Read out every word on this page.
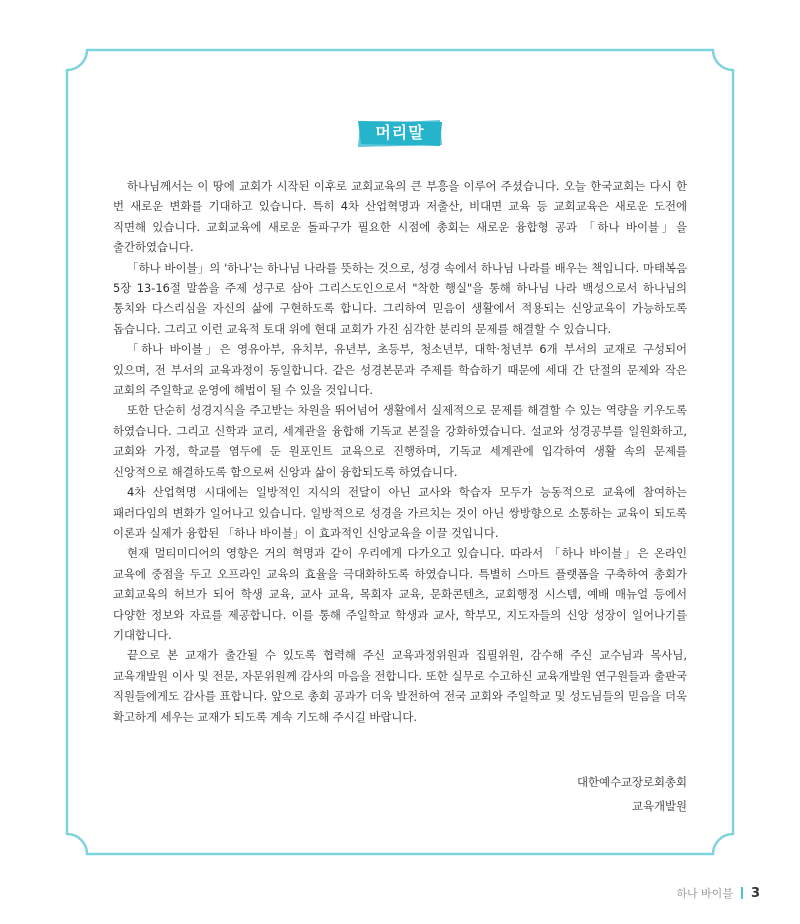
머리말

하나님께서는 이 땅에 교회가 시작된 이후로 교회교육의 큰 부흥을 이루어 주셨습니다. 오늘 한국교회는 다시 한 번 새로운 변화를 기대하고 있습니다. 특히 4차 산업혁명과 저출산, 비대면 교육 등 교회교육은 새로운 도전에 직면해 있습니다. 교회교육에 새로운 돌파구가 필요한 시점에 총회는 새로운 융합형 공과 「하나 바이블」을 출간하였습니다.

「하나 바이블」의 '하나'는 하나님 나라를 뜻하는 것으로, 성경 속에서 하나님 나라를 배우는 책입니다. 마태복음 5장 13-16절 말씀을 주제 성구로 삼아 그리스도인으로서 "착한 행실"을 통해 하나님 나라 백성으로서 하나님의 통치와 다스리심을 자신의 삶에 구현하도록 합니다. 그리하여 믿음이 생활에서 적용되는 신앙교육이 가능하도록 돕습니다. 그리고 이런 교육적 토대 위에 현대 교회가 가진 심각한 분리의 문제를 해결할 수 있습니다.

「하나 바이블」은 영유아부, 유치부, 유년부, 초등부, 청소년부, 대학·청년부 6개 부서의 교재로 구성되어 있으며, 전 부서의 교육과정이 동일합니다. 같은 성경본문과 주제를 학습하기 때문에 세대 간 단절의 문제와 작은 교회의 주일학교 운영에 해법이 될 수 있을 것입니다.

또한 단순히 성경지식을 주고받는 차원을 뛰어넘어 생활에서 실제적으로 문제를 해결할 수 있는 역량을 키우도록 하였습니다. 그리고 신학과 교리, 세계관을 융합해 기독교 본질을 강화하였습니다. 설교와 성경공부를 일원화하고, 교회와 가정, 학교를 염두에 둔 원포인트 교육으로 진행하며, 기독교 세계관에 입각하여 생활 속의 문제를 신앙적으로 해결하도록 함으로써 신앙과 삶이 융합되도록 하였습니다.

4차 산업혁명 시대에는 일방적인 지식의 전달이 아닌 교사와 학습자 모두가 능동적으로 교육에 참여하는 패러다임의 변화가 일어나고 있습니다. 일방적으로 성경을 가르치는 것이 아닌 쌍방향으로 소통하는 교육이 되도록 이론과 실제가 융합된 「하나 바이블」이 효과적인 신앙교육을 이끌 것입니다.

현재 멀티미디어의 영향은 거의 혁명과 같이 우리에게 다가오고 있습니다. 따라서 「하나 바이블」은 온라인 교육에 중점을 두고 오프라인 교육의 효율을 극대화하도록 하였습니다. 특별히 스마트 플랫폼을 구축하여 총회가 교회교육의 허브가 되어 학생 교육, 교사 교육, 목회자 교육, 문화콘텐츠, 교회행정 시스템, 예배 매뉴얼 등에서 다양한 정보와 자료를 제공합니다. 이를 통해 주일학교 학생과 교사, 학부모, 지도자들의 신앙 성장이 일어나기를 기대합니다.

끝으로 본 교재가 출간될 수 있도록 협력해 주신 교육과정위원과 집필위원, 감수해 주신 교수님과 목사님, 교육개발원 이사 및 전문, 자문위원께 감사의 마음을 전합니다. 또한 실무로 수고하신 교육개발원 연구원들과 출판국 직원들에게도 감사를 표합니다. 앞으로 총회 공과가 더욱 발전하여 전국 교회와 주일학교 및 성도님들의 믿음을 더욱 확고하게 세우는 교재가 되도록 계속 기도해 주시길 바랍니다.

대한예수교장로회총회
교육개발원
하나 바이블 3
